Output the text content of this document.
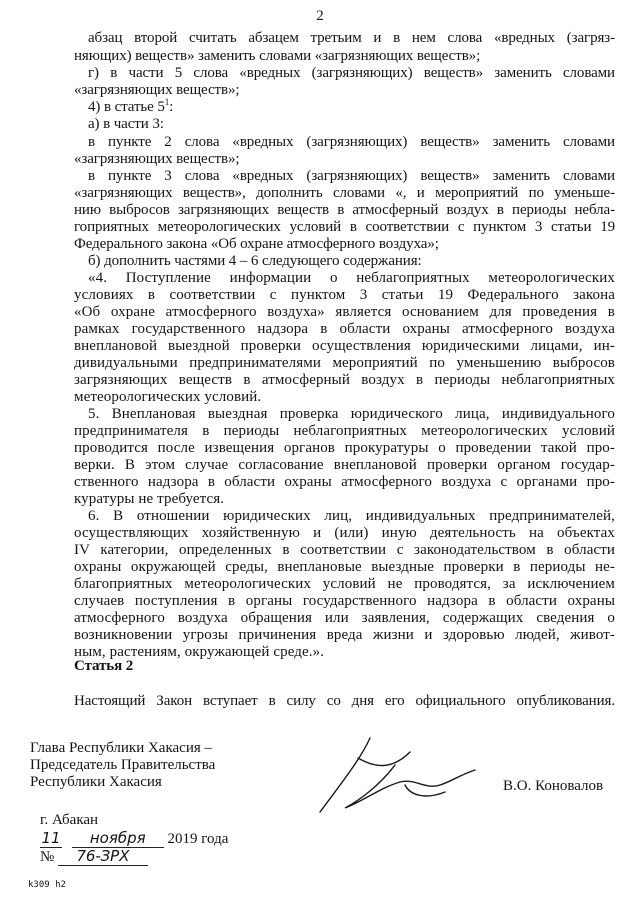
2
абзац второй считать абзацем третьим и в нем слова «вредных (загряз-
няющих) веществ» заменить словами «загрязняющих веществ»;
г) в части 5 слова «вредных (загрязняющих) веществ» заменить словами
«загрязняющих веществ»;
4) в статье $5^1$:
а) в части 3:
в пункте 2 слова «вредных (загрязняющих) веществ» заменить словами
«загрязняющих веществ»;
в пункте 3 слова «вредных (загрязняющих) веществ» заменить словами
«загрязняющих веществ», дополнить словами «, и мероприятий по уменьше-
нию выбросов загрязняющих веществ в атмосферный воздух в периоды небла-
гоприятных метеорологических условий в соответствии с пунктом 3 статьи 19
Федерального закона «Об охране атмосферного воздуха»;
б) дополнить частями 4 – 6 следующего содержания:
«4. Поступление информации о неблагоприятных метеорологических
условиях в соответствии с пунктом 3 статьи 19 Федерального закона
«Об охране атмосферного воздуха» является основанием для проведения в
рамках государственного надзора в области охраны атмосферного воздуха
внеплановой выездной проверки осуществления юридическими лицами, ин-
дивидуальными предпринимателями мероприятий по уменьшению выбросов
загрязняющих веществ в атмосферный воздух в периоды неблагоприятных
метеорологических условий.
5. Внеплановая выездная проверка юридического лица, индивидуального
предпринимателя в периоды неблагоприятных метеорологических условий
проводится после извещения органов прокуратуры о проведении такой про-
верки. В этом случае согласование внеплановой проверки органом государ-
ственного надзора в области охраны атмосферного воздуха с органами про-
куратуры не требуется.
6. В отношении юридических лиц, индивидуальных предпринимателей,
осуществляющих хозяйственную и (или) иную деятельность на объектах
IV категории, определенных в соответствии с законодательством в области
охраны окружающей среды, внеплановые выездные проверки в периоды не-
благоприятных метеорологических условий не проводятся, за исключением
случаев поступления в органы государственного надзора в области охраны
атмосферного воздуха обращения или заявления, содержащих сведения о
возникновении угрозы причинения вреда жизни и здоровью людей, живот-
ным, растениям, окружающей среде.».
Статья 2
Настоящий Закон вступает в силу со дня его официального опубликования.
Глава Республики Хакасия –
Председатель Правительства
Республики Хакасия	В.О. Коновалов
г. Абакан
11 ноября 2019 года
№ 76-ЗРХ
k309 h2
